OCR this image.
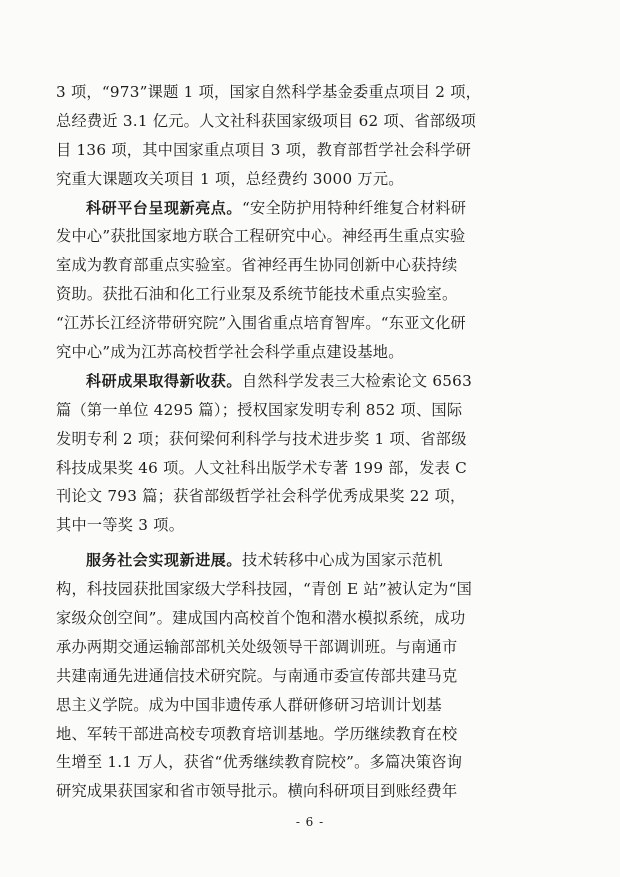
3 项，“973”课题 1 项，国家自然科学基金委重点项目 2 项，
总经费近 3.1 亿元。人文社科获国家级项目 62 项、省部级项
目 136 项，其中国家重点项目 3 项，教育部哲学社会科学研
究重大课题攻关项目 1 项，总经费约 3000 万元。
科研平台呈现新亮点。“安全防护用特种纤维复合材料研
发中心”获批国家地方联合工程研究中心。神经再生重点实验
室成为教育部重点实验室。省神经再生协同创新中心获持续
资助。获批石油和化工行业泵及系统节能技术重点实验室。
“江苏长江经济带研究院”入围省重点培育智库。“东亚文化研
究中心”成为江苏高校哲学社会科学重点建设基地。
科研成果取得新收获。自然科学发表三大检索论文 6563
篇（第一单位 4295 篇）；授权国家发明专利 852 项、国际
发明专利 2 项；获何梁何利科学与技术进步奖 1 项、省部级
科技成果奖 46 项。人文社科出版学术专著 199 部，发表 C
刊论文 793 篇；获省部级哲学社会科学优秀成果奖 22 项，
其中一等奖 3 项。
服务社会实现新进展。技术转移中心成为国家示范机
构，科技园获批国家级大学科技园，“青创 E 站”被认定为“国
家级众创空间”。建成国内高校首个饱和潜水模拟系统，成功
承办两期交通运输部部机关处级领导干部调训班。与南通市
共建南通先进通信技术研究院。与南通市委宣传部共建马克
思主义学院。成为中国非遗传承人群研修研习培训计划基
地、军转干部进高校专项教育培训基地。学历继续教育在校
生增至 1.1 万人，获省“优秀继续教育院校”。多篇决策咨询
研究成果获国家和省市领导批示。横向科研项目到账经费年
- 6 -
